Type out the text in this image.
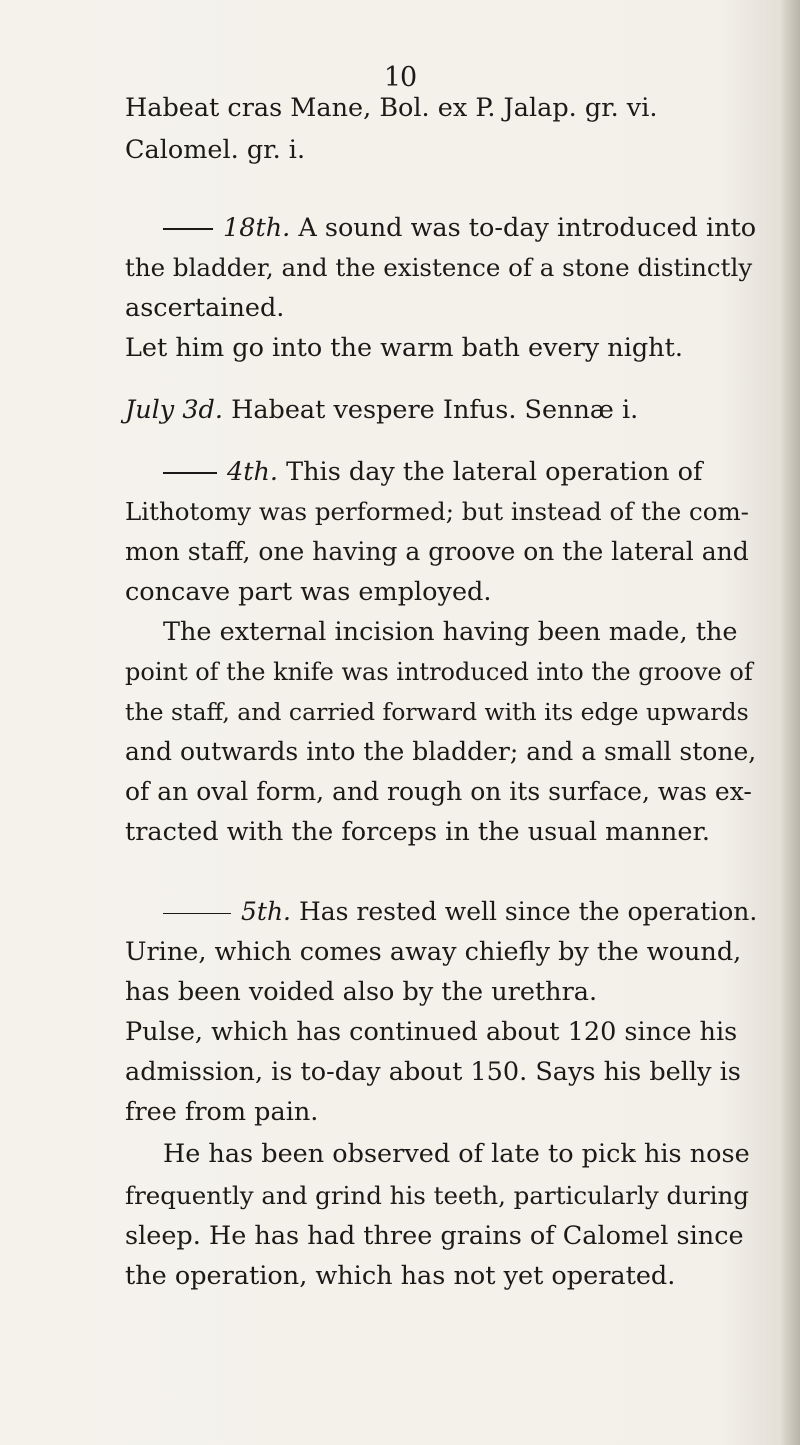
10
Habeat cras Mane, Bol. ex P. Jalap. gr. vi.
Calomel. gr. i.
18th. A sound was to-day introduced into
the bladder, and the existence of a stone distinctly
ascertained.
Let him go into the warm bath every night.
July 3d. Habeat vespere Infus. Sennæ i.
4th. This day the lateral operation of
Lithotomy was performed; but instead of the com-
mon staff, one having a groove on the lateral and
concave part was employed.
The external incision having been made, the
point of the knife was introduced into the groove of
the staff, and carried forward with its edge upwards
and outwards into the bladder; and a small stone,
of an oval form, and rough on its surface, was ex-
tracted with the forceps in the usual manner.
5th. Has rested well since the operation.
Urine, which comes away chiefly by the wound,
has been voided also by the urethra.
Pulse, which has continued about 120 since his
admission, is to-day about 150. Says his belly is
free from pain.
He has been observed of late to pick his nose
frequently and grind his teeth, particularly during
sleep. He has had three grains of Calomel since
the operation, which has not yet operated.
